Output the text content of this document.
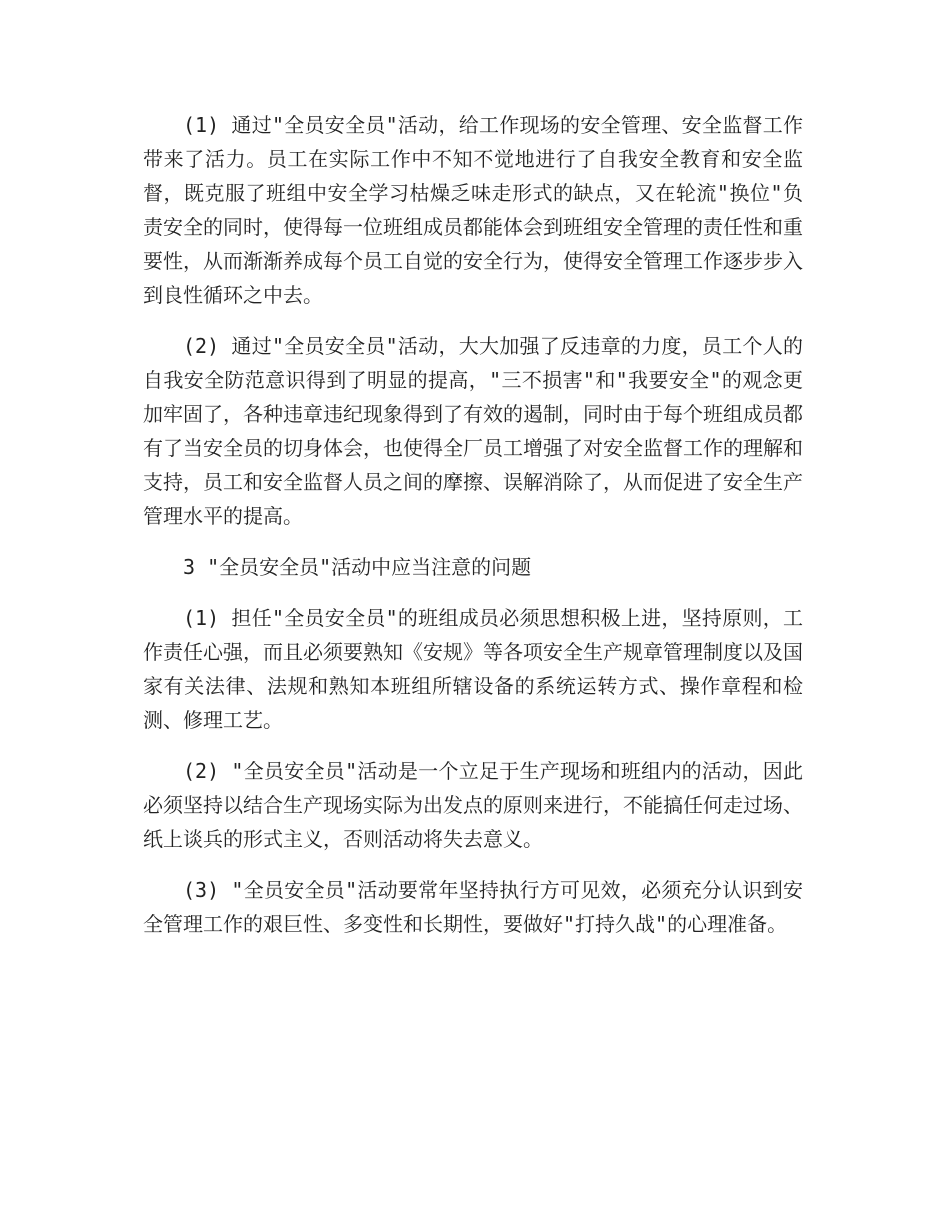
(1) 通过"全员安全员"活动，给工作现场的安全管理、安全监督工作带来了活力。员工在实际工作中不知不觉地进行了自我安全教育和安全监督，既克服了班组中安全学习枯燥乏味走形式的缺点，又在轮流"换位"负责安全的同时，使得每一位班组成员都能体会到班组安全管理的责任性和重要性，从而渐渐养成每个员工自觉的安全行为，使得安全管理工作逐步步入到良性循环之中去。

(2) 通过"全员安全员"活动，大大加强了反违章的力度，员工个人的自我安全防范意识得到了明显的提高，"三不损害"和"我要安全"的观念更加牢固了，各种违章违纪现象得到了有效的遏制，同时由于每个班组成员都有了当安全员的切身体会，也使得全厂员工增强了对安全监督工作的理解和支持，员工和安全监督人员之间的摩擦、误解消除了，从而促进了安全生产管理水平的提高。

3 "全员安全员"活动中应当注意的问题

(1) 担任"全员安全员"的班组成员必须思想积极上进，坚持原则，工作责任心强，而且必须要熟知《安规》等各项安全生产规章管理制度以及国家有关法律、法规和熟知本班组所辖设备的系统运转方式、操作章程和检测、修理工艺。

(2) "全员安全员"活动是一个立足于生产现场和班组内的活动，因此必须坚持以结合生产现场实际为出发点的原则来进行，不能搞任何走过场、纸上谈兵的形式主义，否则活动将失去意义。

(3) "全员安全员"活动要常年坚持执行方可见效，必须充分认识到安全管理工作的艰巨性、多变性和长期性，要做好"打持久战"的心理准备。
